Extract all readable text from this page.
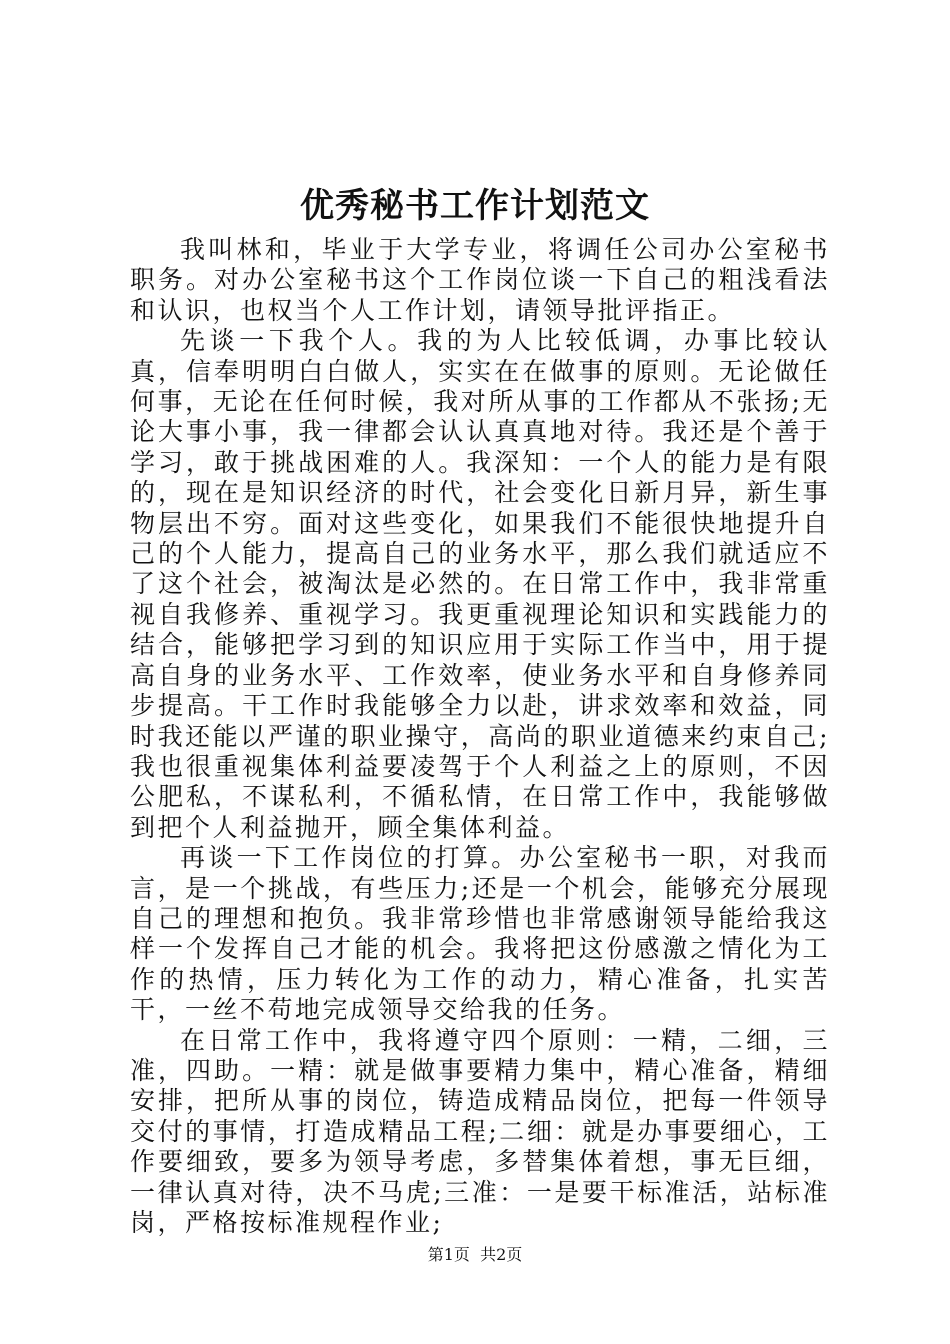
优秀秘书工作计划范文

我叫林和，毕业于大学专业，将调任公司办公室秘书职务。对办公室秘书这个工作岗位谈一下自己的粗浅看法和认识，也权当个人工作计划，请领导批评指正。

先谈一下我个人。我的为人比较低调，办事比较认真，信奉明明白白做人，实实在在做事的原则。无论做任何事，无论在任何时候，我对所从事的工作都从不张扬;无论大事小事，我一律都会认认真真地对待。我还是个善于学习，敢于挑战困难的人。我深知：一个人的能力是有限的，现在是知识经济的时代，社会变化日新月异，新生事物层出不穷。面对这些变化，如果我们不能很快地提升自己的个人能力，提高自己的业务水平，那么我们就适应不了这个社会，被淘汰是必然的。在日常工作中，我非常重视自我修养、重视学习。我更重视理论知识和实践能力的结合，能够把学习到的知识应用于实际工作当中，用于提高自身的业务水平、工作效率，使业务水平和自身修养同步提高。干工作时我能够全力以赴，讲求效率和效益，同时我还能以严谨的职业操守，高尚的职业道德来约束自己;我也很重视集体利益要凌驾于个人利益之上的原则，不因公肥私，不谋私利，不循私情，在日常工作中，我能够做到把个人利益抛开，顾全集体利益。

再谈一下工作岗位的打算。办公室秘书一职，对我而言，是一个挑战，有些压力;还是一个机会，能够充分展现自己的理想和抱负。我非常珍惜也非常感谢领导能给我这样一个发挥自己才能的机会。我将把这份感激之情化为工作的热情，压力转化为工作的动力，精心准备，扎实苦干，一丝不苟地完成领导交给我的任务。

在日常工作中，我将遵守四个原则：一精，二细，三准，四助。一精：就是做事要精力集中，精心准备，精细安排，把所从事的岗位，铸造成精品岗位，把每一件领导交付的事情，打造成精品工程;二细：就是办事要细心，工作要细致，要多为领导考虑，多替集体着想，事无巨细，一律认真对待，决不马虎;三准：一是要干标准活，站标准岗，严格按标准规程作业;

第1页 共2页
